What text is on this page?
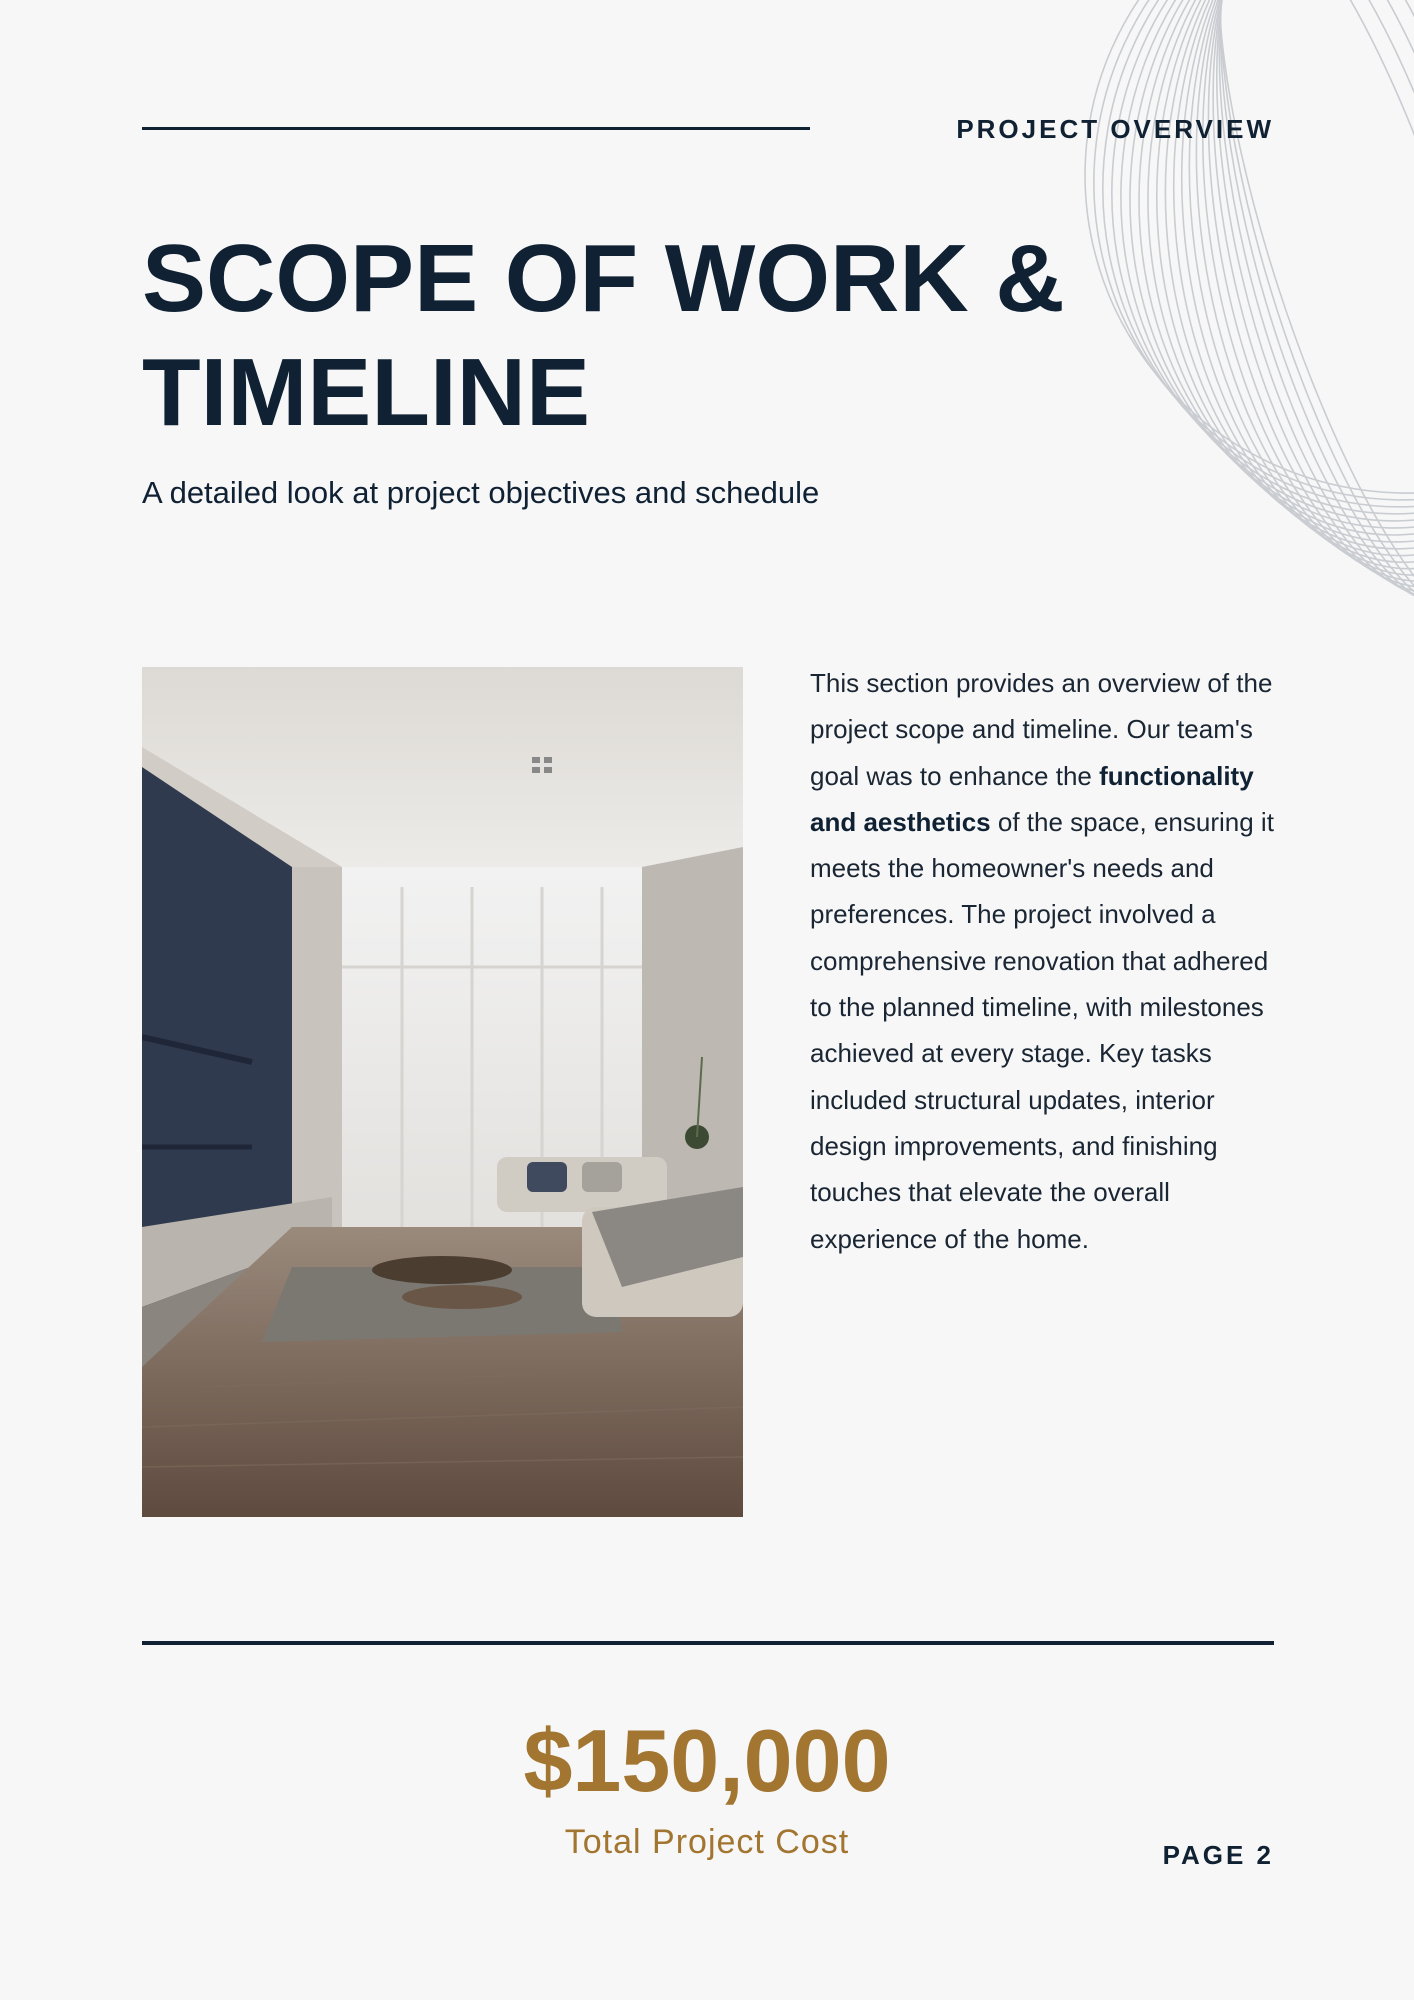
PROJECT OVERVIEW
SCOPE OF WORK &
TIMELINE
A detailed look at project objectives and schedule
This section provides an overview of the project scope and timeline. Our team's goal was to enhance the functionality and aesthetics of the space, ensuring it meets the homeowner's needs and preferences. The project involved a comprehensive renovation that adhered to the planned timeline, with milestones achieved at every stage. Key tasks included structural updates, interior design improvements, and finishing touches that elevate the overall experience of the home.
$150,000
Total Project Cost	PAGE 2
